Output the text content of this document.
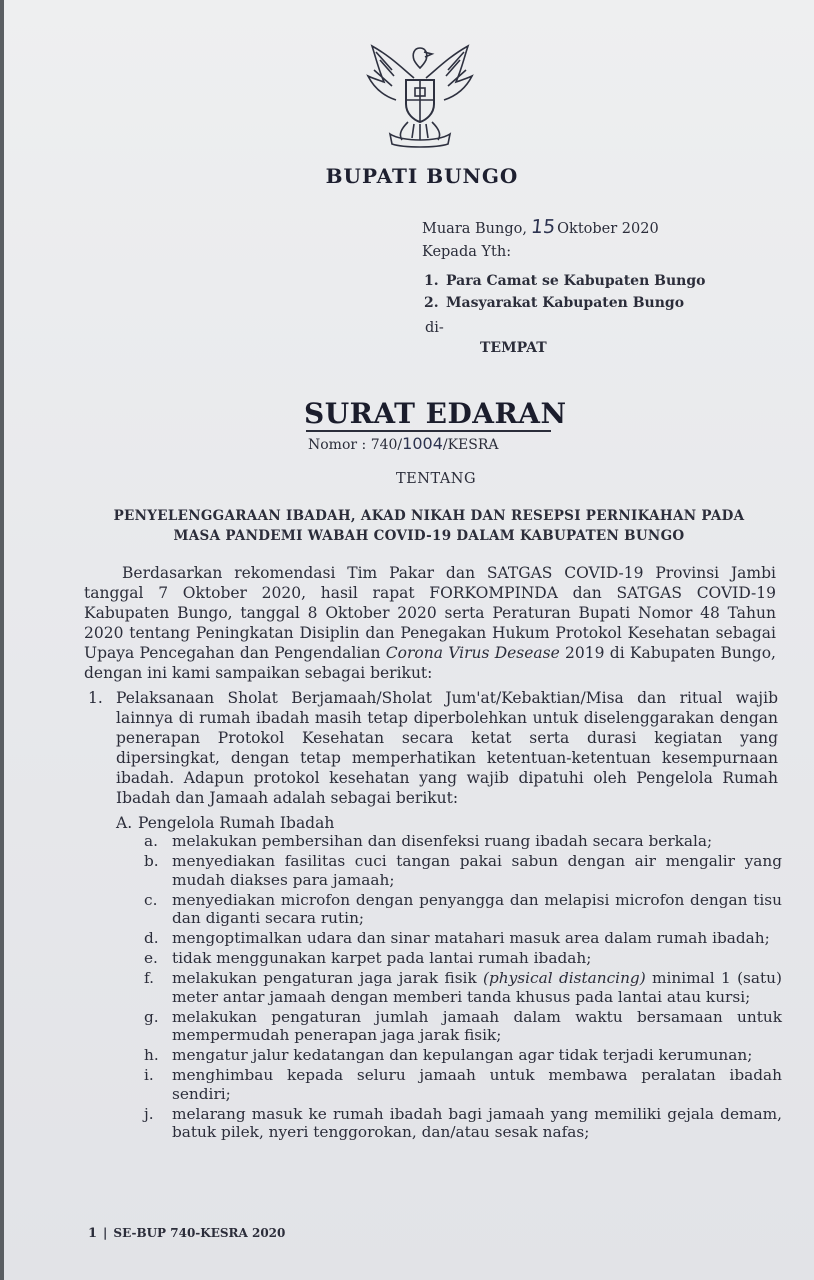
BUPATI BUNGO
Muara Bungo, 15Oktober 2020
Kepada Yth:
1. Para Camat se Kabupaten Bungo
2. Masyarakat Kabupaten Bungo
di-
TEMPAT
SURAT EDARAN
Nomor : 740/1004/KESRA
TENTANG
PENYELENGGARAAN IBADAH, AKAD NIKAH DAN RESEPSI PERNIKAHAN PADA
MASA PANDEMI WABAH COVID-19 DALAM KABUPATEN BUNGO
Berdasarkan rekomendasi Tim Pakar dan SATGAS COVID-19 Provinsi Jambi tanggal 7 Oktober 2020, hasil rapat FORKOMPINDA dan SATGAS COVID-19 Kabupaten Bungo, tanggal 8 Oktober 2020 serta Peraturan Bupati Nomor 48 Tahun 2020 tentang Peningkatan Disiplin dan Penegakan Hukum Protokol Kesehatan sebagai Upaya Pencegahan dan Pengendalian Corona Virus Desease 2019 di Kabupaten Bungo, dengan ini kami sampaikan sebagai berikut:
1. Pelaksanaan Sholat Berjamaah/Sholat Jum'at/Kebaktian/Misa dan ritual wajib lainnya di rumah ibadah masih tetap diperbolehkan untuk diselenggarakan dengan penerapan Protokol Kesehatan secara ketat serta durasi kegiatan yang dipersingkat, dengan tetap memperhatikan ketentuan-ketentuan kesempurnaan ibadah. Adapun protokol kesehatan yang wajib dipatuhi oleh Pengelola Rumah Ibadah dan Jamaah adalah sebagai berikut:
A. Pengelola Rumah Ibadah
a. melakukan pembersihan dan disenfeksi ruang ibadah secara berkala;
b. menyediakan fasilitas cuci tangan pakai sabun dengan air mengalir yang mudah diakses para jamaah;
c. menyediakan microfon dengan penyangga dan melapisi microfon dengan tisu dan diganti secara rutin;
d. mengoptimalkan udara dan sinar matahari masuk area dalam rumah ibadah;
e. tidak menggunakan karpet pada lantai rumah ibadah;
f. melakukan pengaturan jaga jarak fisik (physical distancing) minimal 1 (satu) meter antar jamaah dengan memberi tanda khusus pada lantai atau kursi;
g. melakukan pengaturan jumlah jamaah dalam waktu bersamaan untuk mempermudah penerapan jaga jarak fisik;
h. mengatur jalur kedatangan dan kepulangan agar tidak terjadi kerumunan;
i. menghimbau kepada seluru jamaah untuk membawa peralatan ibadah sendiri;
j. melarang masuk ke rumah ibadah bagi jamaah yang memiliki gejala demam, batuk pilek, nyeri tenggorokan, dan/atau sesak nafas;
1 | SE-BUP 740-KESRA 2020
